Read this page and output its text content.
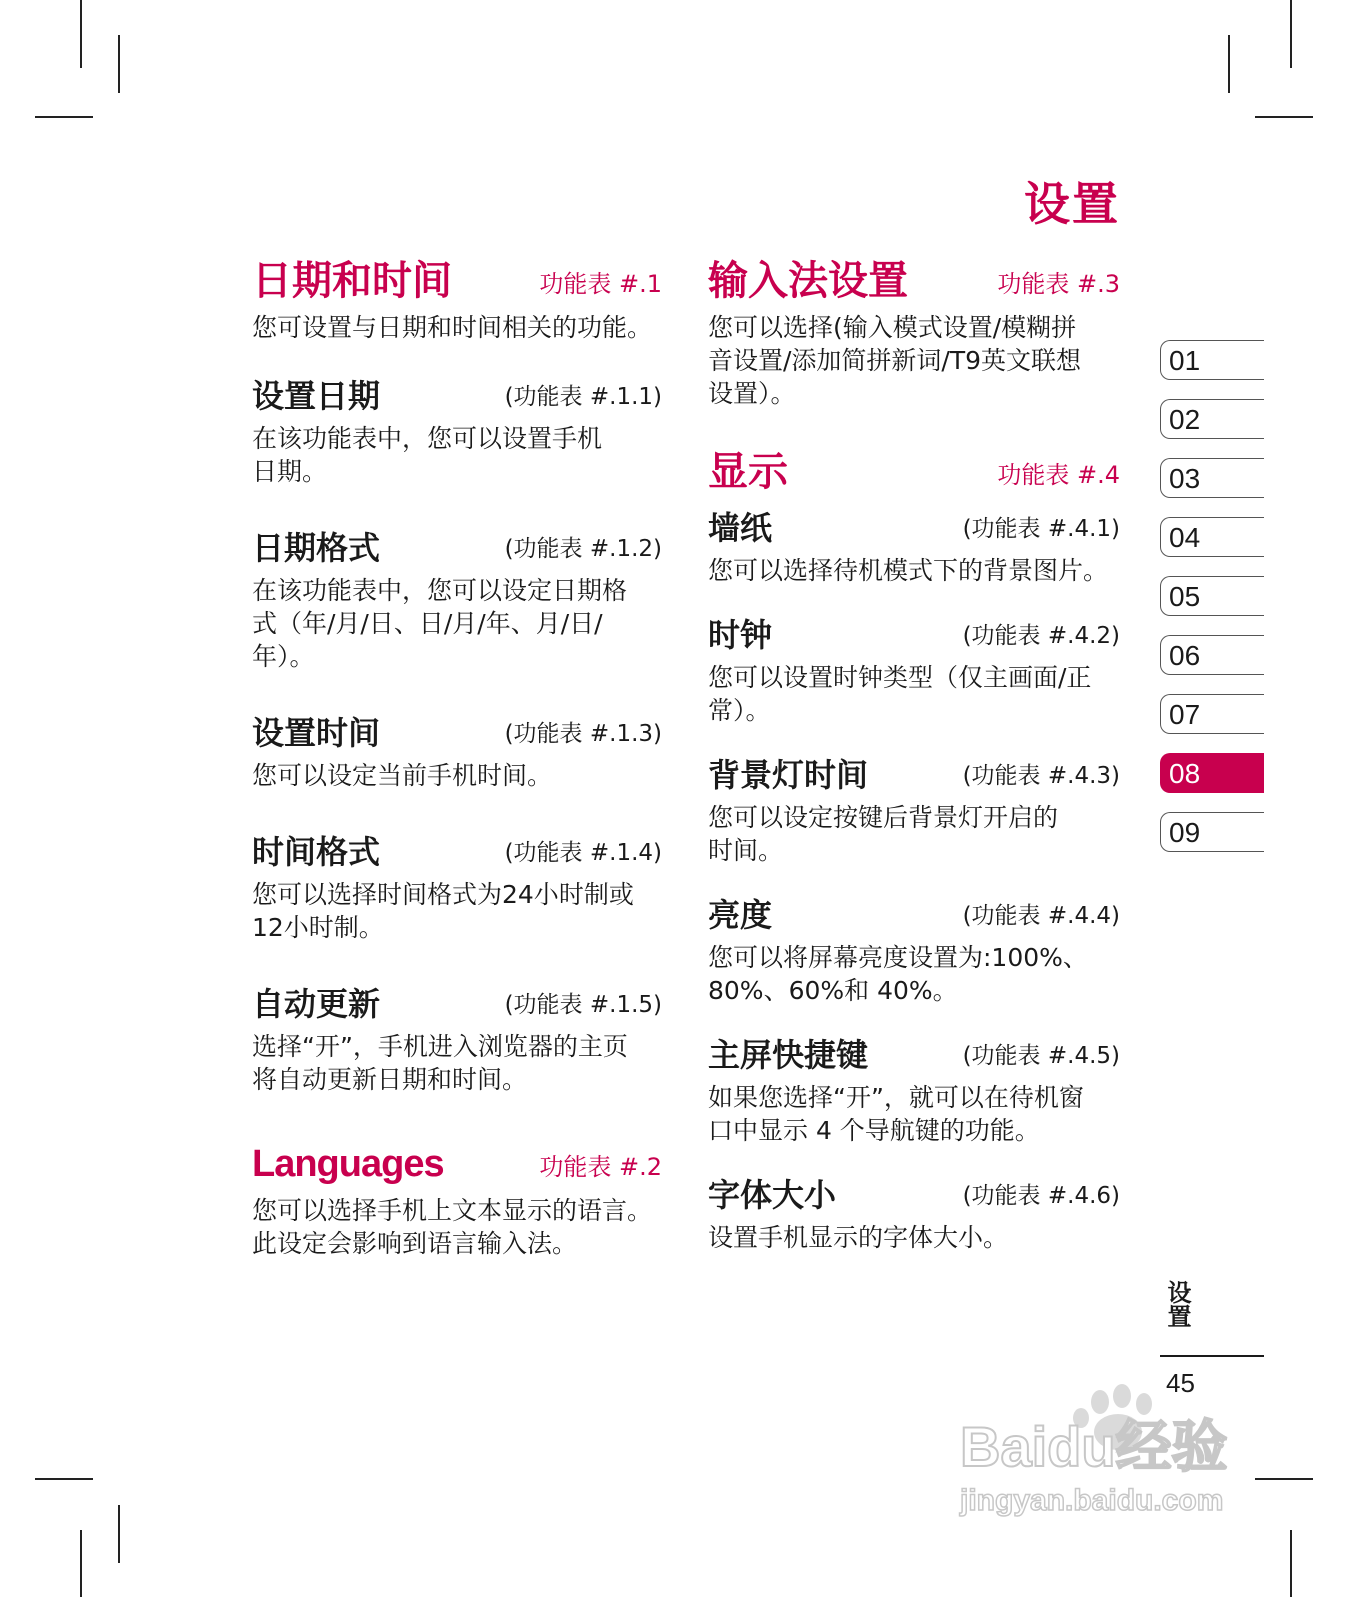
设置
日期和时间	功能表 #.1

您可设置与日期和时间相关的功能。

设置日期	(功能表 #.1.1)

在该功能表中，您可以设置手机
日期。

日期格式	(功能表 #.1.2)

在该功能表中，您可以设定日期格
式（年/月/日、日/月/年、月/日/
年）。

设置时间	(功能表 #.1.3)

您可以设定当前手机时间。

时间格式	(功能表 #.1.4)

您可以选择时间格式为24小时制或
12小时制。

自动更新	(功能表 #.1.5)

选择“开”，手机进入浏览器的主页
将自动更新日期和时间。

Languages	功能表 #.2

您可以选择手机上文本显示的语言。
此设定会影响到语言输入法。

输入法设置	功能表 #.3

您可以选择(输入模式设置/模糊拼
音设置/添加简拼新词/T9英文联想
设置）。

显示	功能表 #.4
墙纸	(功能表 #.4.1)

您可以选择待机模式下的背景图片。

时钟	(功能表 #.4.2)

您可以设置时钟类型（仅主画面/正
常）。

背景灯时间	(功能表 #.4.3)

您可以设定按键后背景灯开启的
时间。

亮度	(功能表 #.4.4)

您可以将屏幕亮度设置为:100%、
80%、60%和 40%。

主屏快捷键	(功能表 #.4.5)

如果您选择“开”，就可以在待机窗
口中显示 4 个导航键的功能。

字体大小	(功能表 #.4.6)

设置手机显示的字体大小。

01
02
03
04
05
06
07
08
09
设置
45
Baidu经验
jingyan.baidu.com
